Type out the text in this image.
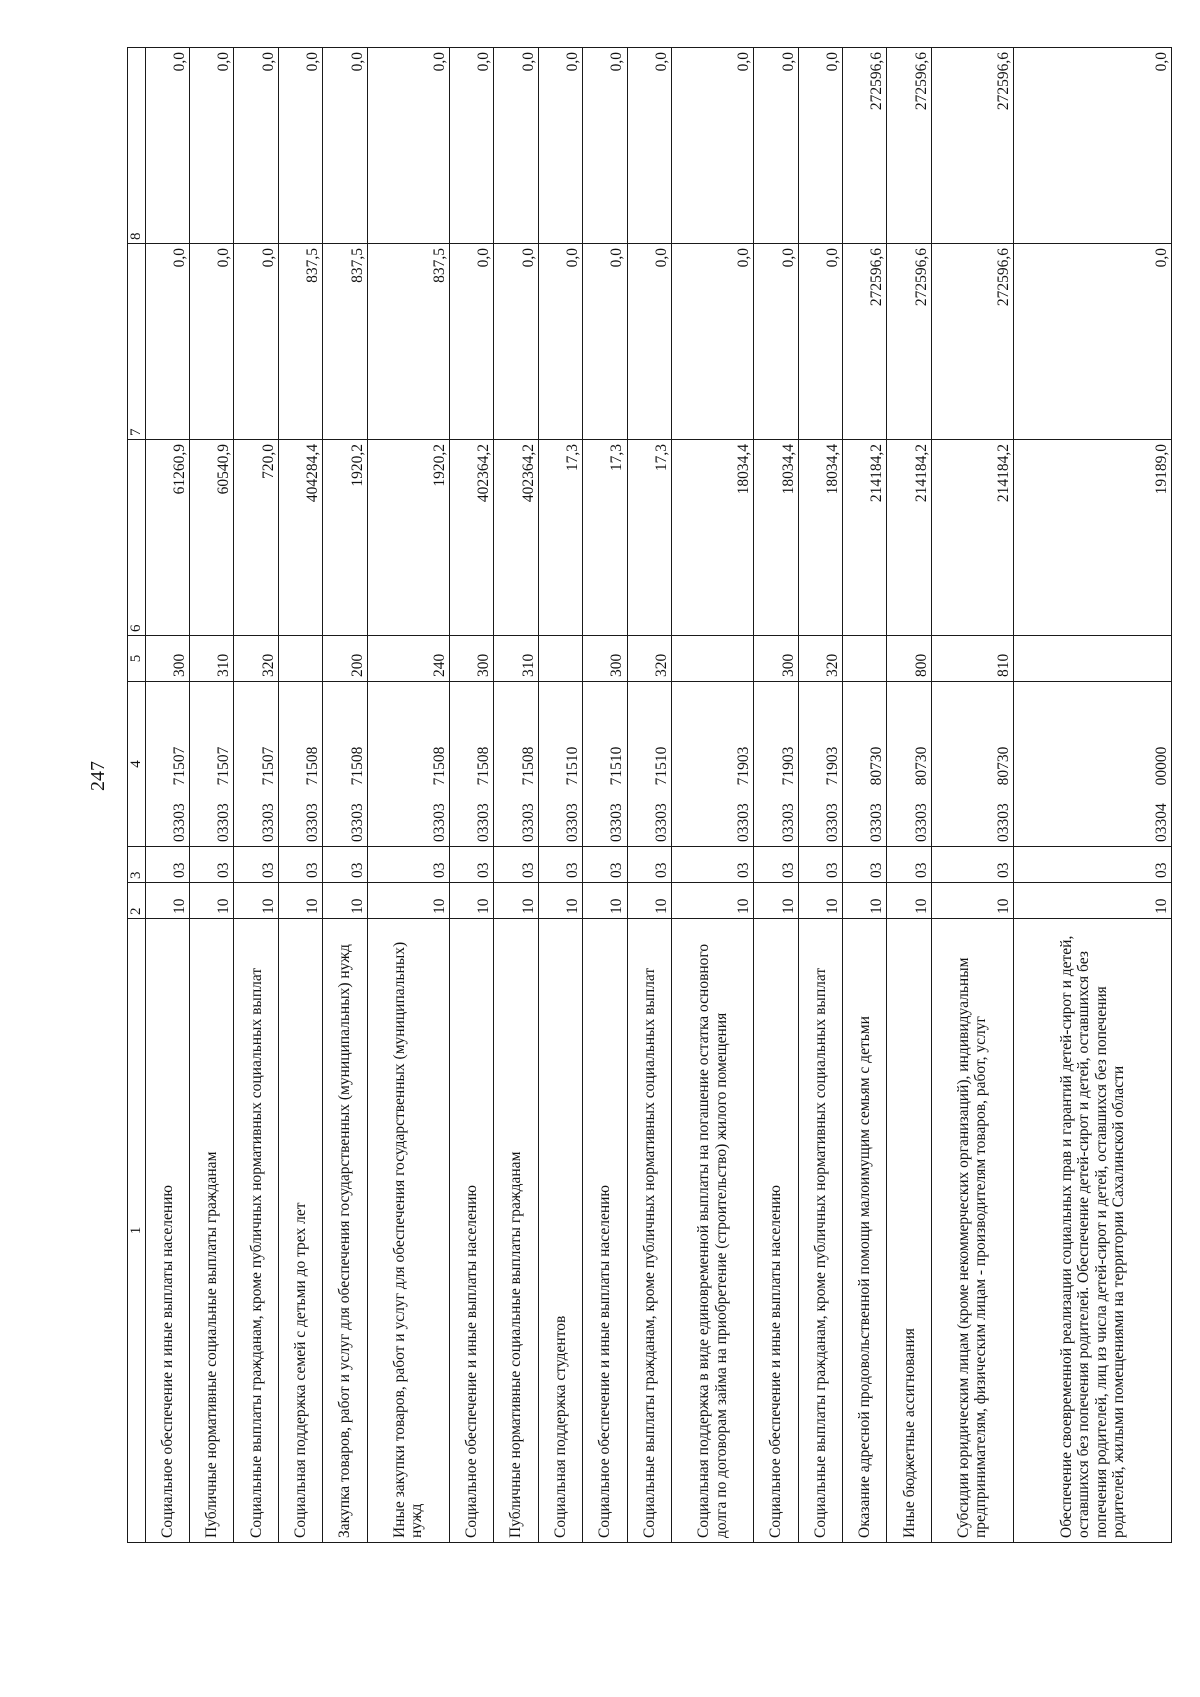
247
1	2	3	4	5	6	7	8
Социальное обеспечение и иные выплаты населению	10	03	03303 71507	300	61260,9	0,0	0,0
Публичные нормативные социальные выплаты гражданам	10	03	03303 71507	310	60540,9	0,0	0,0
Социальные выплаты гражданам, кроме публичных нормативных социальных выплат	10	03	03303 71507	320	720,0	0,0	0,0
Социальная поддержка семей с детьми до трех лет	10	03	03303 71508		404284,4	837,5	0,0
Закупка товаров, работ и услуг для обеспечения государственных (муниципальных) нужд	10	03	03303 71508	200	1920,2	837,5	0,0
Иные закупки товаров, работ и услуг для обеспечения государственных (муниципальных) нужд	10	03	03303 71508	240	1920,2	837,5	0,0
Социальное обеспечение и иные выплаты населению	10	03	03303 71508	300	402364,2	0,0	0,0
Публичные нормативные социальные выплаты гражданам	10	03	03303 71508	310	402364,2	0,0	0,0
Социальная поддержка студентов	10	03	03303 71510		17,3	0,0	0,0
Социальное обеспечение и иные выплаты населению	10	03	03303 71510	300	17,3	0,0	0,0
Социальные выплаты гражданам, кроме публичных нормативных социальных выплат	10	03	03303 71510	320	17,3	0,0	0,0
Социальная поддержка в виде единовременной выплаты на погашение остатка основного долга по договорам займа на приобретение (строительство) жилого помещения	10	03	03303 71903		18034,4	0,0	0,0
Социальное обеспечение и иные выплаты населению	10	03	03303 71903	300	18034,4	0,0	0,0
Социальные выплаты гражданам, кроме публичных нормативных социальных выплат	10	03	03303 71903	320	18034,4	0,0	0,0
Оказание адресной продовольственной помощи малоимущим семьям с детьми	10	03	03303 80730		214184,2	272596,6	272596,6
Иные бюджетные ассигнования	10	03	03303 80730	800	214184,2	272596,6	272596,6
Субсидии юридическим лицам (кроме некоммерческих организаций), индивидуальным предпринимателям, физическим лицам - производителям товаров, работ, услуг	10	03	03303 80730	810	214184,2	272596,6	272596,6
Обеспечение своевременной реализации социальных прав и гарантий детей-сирот и детей, оставшихся без попечения родителей. Обеспечение детей-сирот и детей, оставшихся без попечения родителей, лиц из числа детей-сирот и детей, оставшихся без попечения родителей, жилыми помещениями на территории Сахалинской области	10	03	03304 00000		19189,0	0,0	0,0
